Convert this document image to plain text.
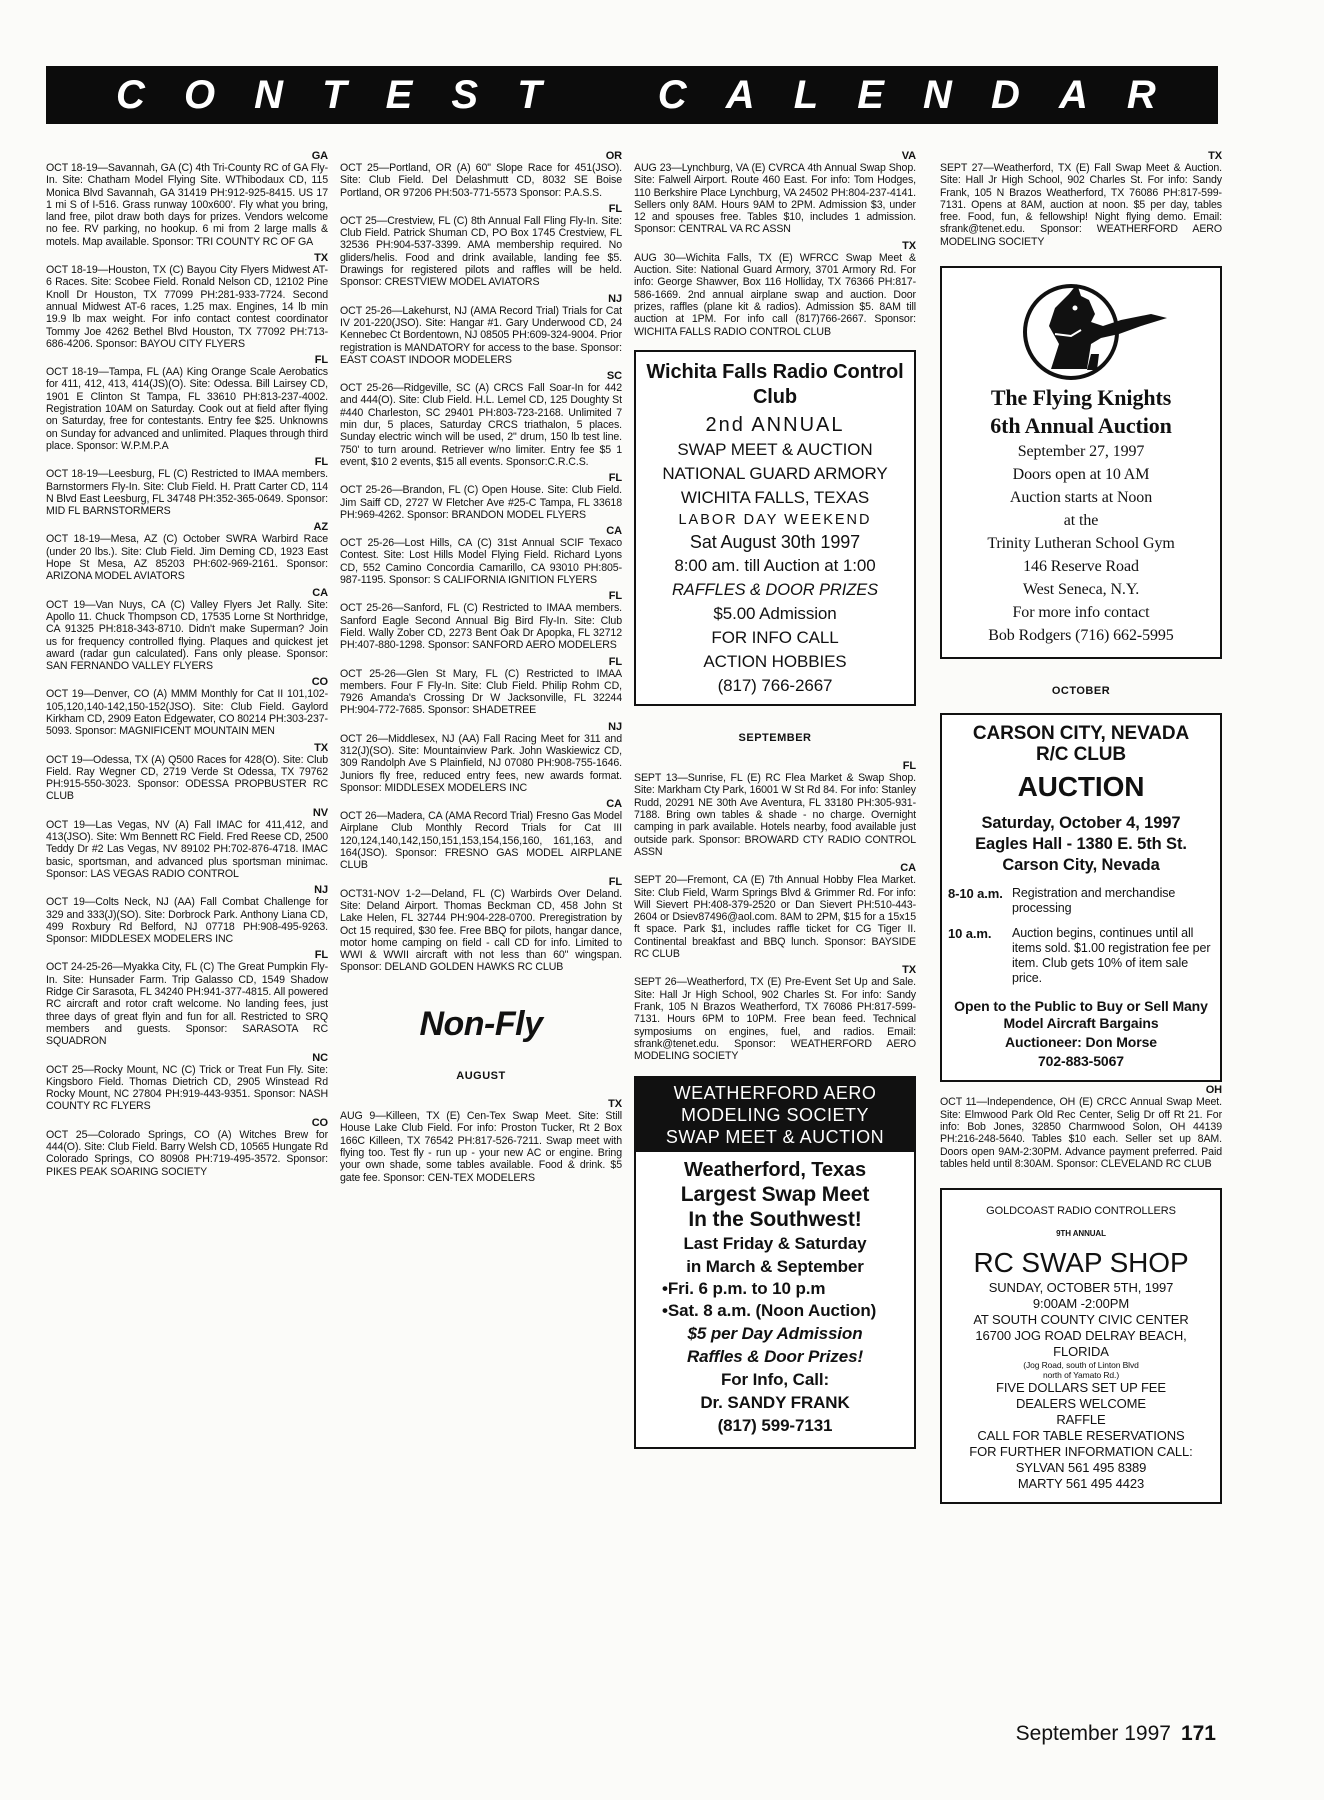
C O N T E S T	C A L E N D A R
GA
OCT 18-19—Savannah, GA (C) 4th Tri-County RC of GA Fly-In. Site: Chatham Model Flying Site. WThibodaux CD, 115 Monica Blvd Savannah, GA 31419 PH:912-925-8415. US 17 1 mi S of I-516. Grass runway 100x600'. Fly what you bring, land free, pilot draw both days for prizes. Vendors welcome no fee. RV parking, no hookup. 6 mi from 2 large malls & motels. Map available. Sponsor: TRI COUNTY RC OF GA
TX
OCT 18-19—Houston, TX (C) Bayou City Flyers Midwest AT-6 Races. Site: Scobee Field. Ronald Nelson CD, 12102 Pine Knoll Dr Houston, TX 77099 PH:281-933-7724. Second annual Midwest AT-6 races, 1.25 max. Engines, 14 lb min 19.9 lb max weight. For info contact contest coordinator Tommy Joe 4262 Bethel Blvd Houston, TX 77092 PH:713-686-4206. Sponsor: BAYOU CITY FLYERS
FL
OCT 18-19—Tampa, FL (AA) King Orange Scale Aerobatics for 411, 412, 413, 414(JS)(O). Site: Odessa. Bill Lairsey CD, 1901 E Clinton St Tampa, FL 33610 PH:813-237-4002. Registration 10AM on Saturday. Cook out at field after flying on Saturday, free for contestants. Entry fee $25. Unknowns on Sunday for advanced and unlimited. Plaques through third place. Sponsor: W.P.M.P.A
FL
OCT 18-19—Leesburg, FL (C) Restricted to IMAA members. Barnstormers Fly-In. Site: Club Field. H. Pratt Carter CD, 114 N Blvd East Leesburg, FL 34748 PH:352-365-0649. Sponsor: MID FL BARNSTORMERS
AZ
OCT 18-19—Mesa, AZ (C) October SWRA Warbird Race (under 20 lbs.). Site: Club Field. Jim Deming CD, 1923 East Hope St Mesa, AZ 85203 PH:602-969-2161. Sponsor: ARIZONA MODEL AVIATORS
CA
OCT 19—Van Nuys, CA (C) Valley Flyers Jet Rally. Site: Apollo 11. Chuck Thompson CD, 17535 Lorne St Northridge, CA 91325 PH:818-343-8710. Didn't make Superman? Join us for frequency controlled flying. Plaques and quickest jet award (radar gun calculated). Fans only please. Sponsor: SAN FERNANDO VALLEY FLYERS
CO
OCT 19—Denver, CO (A) MMM Monthly for Cat II 101,102-105,120,140-142,150-152(JSO). Site: Club Field. Gaylord Kirkham CD, 2909 Eaton Edgewater, CO 80214 PH:303-237-5093. Sponsor: MAGNIFICENT MOUNTAIN MEN
TX
OCT 19—Odessa, TX (A) Q500 Races for 428(O). Site: Club Field. Ray Wegner CD, 2719 Verde St Odessa, TX 79762 PH:915-550-3023. Sponsor: ODESSA PROPBUSTER RC CLUB
NV
OCT 19—Las Vegas, NV (A) Fall IMAC for 411,412, and 413(JSO). Site: Wm Bennett RC Field. Fred Reese CD, 2500 Teddy Dr #2 Las Vegas, NV 89102 PH:702-876-4718. IMAC basic, sportsman, and advanced plus sportsman minimac. Sponsor: LAS VEGAS RADIO CONTROL
NJ
OCT 19—Colts Neck, NJ (AA) Fall Combat Challenge for 329 and 333(J)(SO). Site: Dorbrock Park. Anthony Liana CD, 499 Roxbury Rd Belford, NJ 07718 PH:908-495-9263. Sponsor: MIDDLESEX MODELERS INC
FL
OCT 24-25-26—Myakka City, FL (C) The Great Pumpkin Fly-In. Site: Hunsader Farm. Trip Galasso CD, 1549 Shadow Ridge Cir Sarasota, FL 34240 PH:941-377-4815. All powered RC aircraft and rotor craft welcome. No landing fees, just three days of great flyin and fun for all. Restricted to SRQ members and guests. Sponsor: SARASOTA RC SQUADRON
NC
OCT 25—Rocky Mount, NC (C) Trick or Treat Fun Fly. Site: Kingsboro Field. Thomas Dietrich CD, 2905 Winstead Rd Rocky Mount, NC 27804 PH:919-443-9351. Sponsor: NASH COUNTY RC FLYERS
CO
OCT 25—Colorado Springs, CO (A) Witches Brew for 444(O). Site: Club Field. Barry Welsh CD, 10565 Hungate Rd Colorado Springs, CO 80908 PH:719-495-3572. Sponsor: PIKES PEAK SOARING SOCIETY
OR
OCT 25—Portland, OR (A) 60" Slope Race for 451(JSO). Site: Club Field. Del Delashmutt CD, 8032 SE Boise Portland, OR 97206 PH:503-771-5573 Sponsor: P.A.S.S.
FL
OCT 25—Crestview, FL (C) 8th Annual Fall Fling Fly-In. Site: Club Field. Patrick Shuman CD, PO Box 1745 Crestview, FL 32536 PH:904-537-3399. AMA membership required. No gliders/helis. Food and drink available, landing fee $5. Drawings for registered pilots and raffles will be held. Sponsor: CRESTVIEW MODEL AVIATORS
NJ
OCT 25-26—Lakehurst, NJ (AMA Record Trial) Trials for Cat IV 201-220(JSO). Site: Hangar #1. Gary Underwood CD, 24 Kennebec Ct Bordentown, NJ 08505 PH:609-324-9004. Prior registration is MANDATORY for access to the base. Sponsor: EAST COAST INDOOR MODELERS
SC
OCT 25-26—Ridgeville, SC (A) CRCS Fall Soar-In for 442 and 444(O). Site: Club Field. H.L. Lemel CD, 125 Doughty St #440 Charleston, SC 29401 PH:803-723-2168. Unlimited 7 min dur, 5 places, Saturday CRCS triathalon, 5 places. Sunday electric winch will be used, 2" drum, 150 lb test line. 750' to turn around. Retriever w/no limiter. Entry fee $5 1 event, $10 2 events, $15 all events. Sponsor:C.R.C.S.
FL
OCT 25-26—Brandon, FL (C) Open House. Site: Club Field. Jim Saiff CD, 2727 W Fletcher Ave #25-C Tampa, FL 33618 PH:969-4262. Sponsor: BRANDON MODEL FLYERS
CA
OCT 25-26—Lost Hills, CA (C) 31st Annual SCIF Texaco Contest. Site: Lost Hills Model Flying Field. Richard Lyons CD, 552 Camino Concordia Camarillo, CA 93010 PH:805-987-1195. Sponsor: S CALIFORNIA IGNITION FLYERS
FL
OCT 25-26—Sanford, FL (C) Restricted to IMAA members. Sanford Eagle Second Annual Big Bird Fly-In. Site: Club Field. Wally Zober CD, 2273 Bent Oak Dr Apopka, FL 32712 PH:407-880-1298. Sponsor: SANFORD AERO MODELERS
FL
OCT 25-26—Glen St Mary, FL (C) Restricted to IMAA members. Four F Fly-In. Site: Club Field. Philip Rohm CD, 7926 Amanda's Crossing Dr W Jacksonville, FL 32244 PH:904-772-7685. Sponsor: SHADETREE
NJ
OCT 26—Middlesex, NJ (AA) Fall Racing Meet for 311 and 312(J)(SO). Site: Mountainview Park. John Waskiewicz CD, 309 Randolph Ave S Plainfield, NJ 07080 PH:908-755-1646. Juniors fly free, reduced entry fees, new awards format. Sponsor: MIDDLESEX MODELERS INC
CA
OCT 26—Madera, CA (AMA Record Trial) Fresno Gas Model Airplane Club Monthly Record Trials for Cat III 120,124,140,142,150,151,153,154,156,160, 161,163, and 164(JSO). Sponsor: FRESNO GAS MODEL AIRPLANE CLUB
FL
OCT31-NOV 1-2—Deland, FL (C) Warbirds Over Deland. Site: Deland Airport. Thomas Beckman CD, 458 John St Lake Helen, FL 32744 PH:904-228-0700. Preregistration by Oct 15 required, $30 fee. Free BBQ for pilots, hangar dance, motor home camping on field - call CD for info. Limited to WWI & WWII aircraft with not less than 60" wingspan. Sponsor: DELAND GOLDEN HAWKS RC CLUB
Non-Fly
AUGUST
TX
AUG 9—Killeen, TX (E) Cen-Tex Swap Meet. Site: Still House Lake Club Field. For info: Proston Tucker, Rt 2 Box 166C Killeen, TX 76542 PH:817-526-7211. Swap meet with flying too. Test fly - run up - your new AC or engine. Bring your own shade, some tables available. Food & drink. $5 gate fee. Sponsor: CEN-TEX MODELERS
VA
AUG 23—Lynchburg, VA (E) CVRCA 4th Annual Swap Shop. Site: Falwell Airport. Route 460 East. For info: Tom Hodges, 110 Berkshire Place Lynchburg, VA 24502 PH:804-237-4141. Sellers only 8AM. Hours 9AM to 2PM. Admission $3, under 12 and spouses free. Tables $10, includes 1 admission. Sponsor: CENTRAL VA RC ASSN
TX
AUG 30—Wichita Falls, TX (E) WFRCC Swap Meet & Auction. Site: National Guard Armory, 3701 Armory Rd. For info: George Shawver, Box 116 Holliday, TX 76366 PH:817-586-1669. 2nd annual airplane swap and auction. Door prizes, raffles (plane kit & radios). Admission $5. 8AM till auction at 1PM. For info call (817)766-2667. Sponsor: WICHITA FALLS RADIO CONTROL CLUB
Wichita Falls Radio Control Club
2nd ANNUAL
SWAP MEET & AUCTION
NATIONAL GUARD ARMORY
WICHITA FALLS, TEXAS
LABOR DAY WEEKEND
Sat August 30th 1997
8:00 am. till Auction at 1:00
RAFFLES & DOOR PRIZES
$5.00 Admission
FOR INFO CALL
ACTION HOBBIES
(817) 766-2667
SEPTEMBER
FL
SEPT 13—Sunrise, FL (E) RC Flea Market & Swap Shop. Site: Markham Cty Park, 16001 W St Rd 84. For info: Stanley Rudd, 20291 NE 30th Ave Aventura, FL 33180 PH:305-931-7188. Bring own tables & shade - no charge. Overnight camping in park available. Hotels nearby, food available just outside park. Sponsor: BROWARD CTY RADIO CONTROL ASSN
CA
SEPT 20—Fremont, CA (E) 7th Annual Hobby Flea Market. Site: Club Field, Warm Springs Blvd & Grimmer Rd. For info: Will Sievert PH:408-379-2520 or Dan Sievert PH:510-443-2604 or Dsiev87496@aol.com. 8AM to 2PM, $15 for a 15x15 ft space. Park $1, includes raffle ticket for CG Tiger II. Continental breakfast and BBQ lunch. Sponsor: BAYSIDE RC CLUB
TX
SEPT 26—Weatherford, TX (E) Pre-Event Set Up and Sale. Site: Hall Jr High School, 902 Charles St. For info: Sandy Frank, 105 N Brazos Weatherford, TX 76086 PH:817-599-7131. Hours 6PM to 10PM. Free bean feed. Technical symposiums on engines, fuel, and radios. Email: sfrank@tenet.edu. Sponsor: WEATHERFORD AERO MODELING SOCIETY
WEATHERFORD AERO
MODELING SOCIETY
SWAP MEET & AUCTION
Weatherford, Texas
Largest Swap Meet
In the Southwest!
Last Friday & Saturday
in March & September
•Fri. 6 p.m. to 10 p.m
•Sat. 8 a.m. (Noon Auction)
$5 per Day Admission
Raffles & Door Prizes!
For Info, Call:
Dr. SANDY FRANK
(817) 599-7131
TX
SEPT 27—Weatherford, TX (E) Fall Swap Meet & Auction. Site: Hall Jr High School, 902 Charles St. For info: Sandy Frank, 105 N Brazos Weatherford, TX 76086 PH:817-599-7131. Opens at 8AM, auction at noon. $5 per day, tables free. Food, fun, & fellowship! Night flying demo. Email: sfrank@tenet.edu. Sponsor: WEATHERFORD AERO MODELING SOCIETY
The Flying Knights
6th Annual Auction
September 27, 1997
Doors open at 10 AM
Auction starts at Noon
at the
Trinity Lutheran School Gym
146 Reserve Road
West Seneca, N.Y.
For more info contact
Bob Rodgers (716) 662-5995
OCTOBER
CARSON CITY, NEVADA
R/C CLUB
AUCTION
Saturday, October 4, 1997
Eagles Hall - 1380 E. 5th St.
Carson City, Nevada
8-10 a.m. Registration and merchandise processing
10 a.m.	Auction begins, continues until all items sold. $1.00 registration fee per item. Club gets 10% of item sale price.
Open to the Public to Buy or Sell Many Model Aircraft Bargains
Auctioneer: Don Morse
702-883-5067
OH
OCT 11—Independence, OH (E) CRCC Annual Swap Meet. Site: Elmwood Park Old Rec Center, Selig Dr off Rt 21. For info: Bob Jones, 32850 Charmwood Solon, OH 44139 PH:216-248-5640. Tables $10 each. Seller set up 8AM. Doors open 9AM-2:30PM. Advance payment preferred. Paid tables held until 8:30AM. Sponsor: CLEVELAND RC CLUB
GOLDCOAST RADIO CONTROLLERS
9TH ANNUAL
RC SWAP SHOP
SUNDAY, OCTOBER 5TH, 1997
9:00AM -2:00PM
AT SOUTH COUNTY CIVIC CENTER
16700 JOG ROAD DELRAY BEACH,
FLORIDA
(Jog Road, south of Linton Blvd
north of Yamato Rd.)
FIVE DOLLARS SET UP FEE
DEALERS WELCOME
RAFFLE
CALL FOR TABLE RESERVATIONS
FOR FURTHER INFORMATION CALL:
SYLVAN 561 495 8389
MARTY 561 495 4423
September 1997 171
